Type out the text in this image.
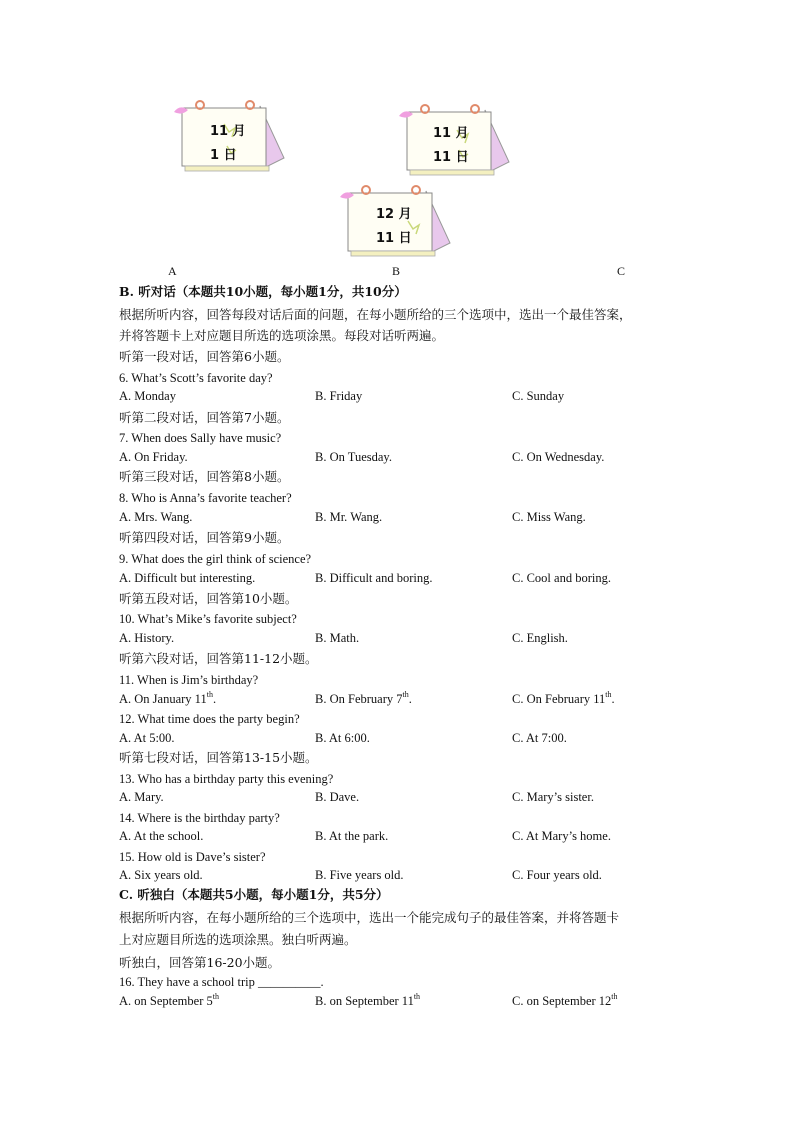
11 月
1 日
11 月
11 日
12 月
11 日
A	B	C
B. 听对话（本题共10小题，每小题1分，共10分）
根据所听内容，回答每段对话后面的问题，在每小题所给的三个选项中，选出一个最佳答案，
并将答题卡上对应题目所选的选项涂黑。每段对话听两遍。
听第一段对话，回答第6小题。
6. What’s Scott’s favorite day?
A. Monday	B. Friday	C. Sunday
听第二段对话，回答第7小题。
7. When does Sally have music?
A. On Friday.	B. On Tuesday.	C. On Wednesday.
听第三段对话，回答第8小题。
8. Who is Anna’s favorite teacher?
A. Mrs. Wang.	B. Mr. Wang.	C. Miss Wang.
听第四段对话，回答第9小题。
9. What does the girl think of science?
A. Difficult but interesting.	B. Difficult and boring.	C. Cool and boring.
听第五段对话，回答第10小题。
10. What’s Mike’s favorite subject?
A. History.	B. Math.	C. English.
听第六段对话，回答第11-12小题。
11. When is Jim’s birthday?
A. On January 11th.	B. On February 7th.	C. On February 11th.
12. What time does the party begin?
A. At 5:00.	B. At 6:00.	C. At 7:00.
听第七段对话，回答第13-15小题。
13. Who has a birthday party this evening?
A. Mary.	B. Dave.	C. Mary’s sister.
14. Where is the birthday party?
A. At the school.	B. At the park.	C. At Mary’s home.
15. How old is Dave’s sister?
A. Six years old.	B. Five years old.	C. Four years old.
C. 听独白（本题共5小题，每小题1分，共5分）
根据所听内容，在每小题所给的三个选项中，选出一个能完成句子的最佳答案，并将答题卡
上对应题目所选的选项涂黑。独白听两遍。
听独白，回答第16-20小题。
16. They have a school trip __________.
A. on September 5th	B. on September 11th	C. on September 12th
